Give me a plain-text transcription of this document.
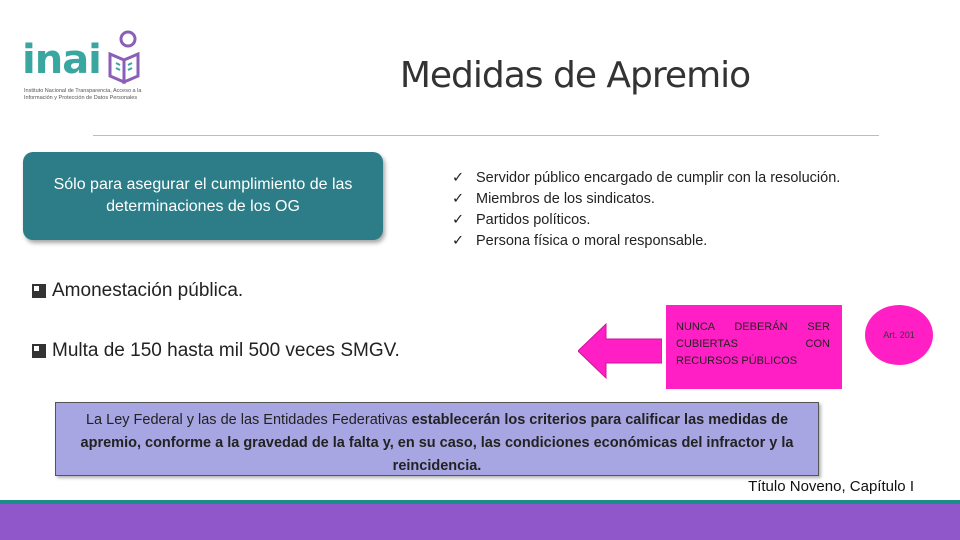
inai
Instituto Nacional de Transparencia, Acceso a la Información y Protección de Datos Personales
Medidas de Apremio
Sólo para asegurar el cumplimiento de las determinaciones de los OG
✓ Servidor público encargado de cumplir con la resolución.
✓ Miembros de los sindicatos.
✓ Partidos políticos.
✓ Persona física o moral responsable.
Amonestación pública.
Multa de 150 hasta mil 500 veces SMGV.
NUNCA DEBERÁN SER CUBIERTAS CON
RECURSOS PÚBLICOS
Art. 201
La Ley Federal y las de las Entidades Federativas establecerán los criterios para calificar las medidas de apremio, conforme a la gravedad de la falta y, en su caso, las condiciones económicas del infractor y la reincidencia.
Título Noveno, Capítulo I
